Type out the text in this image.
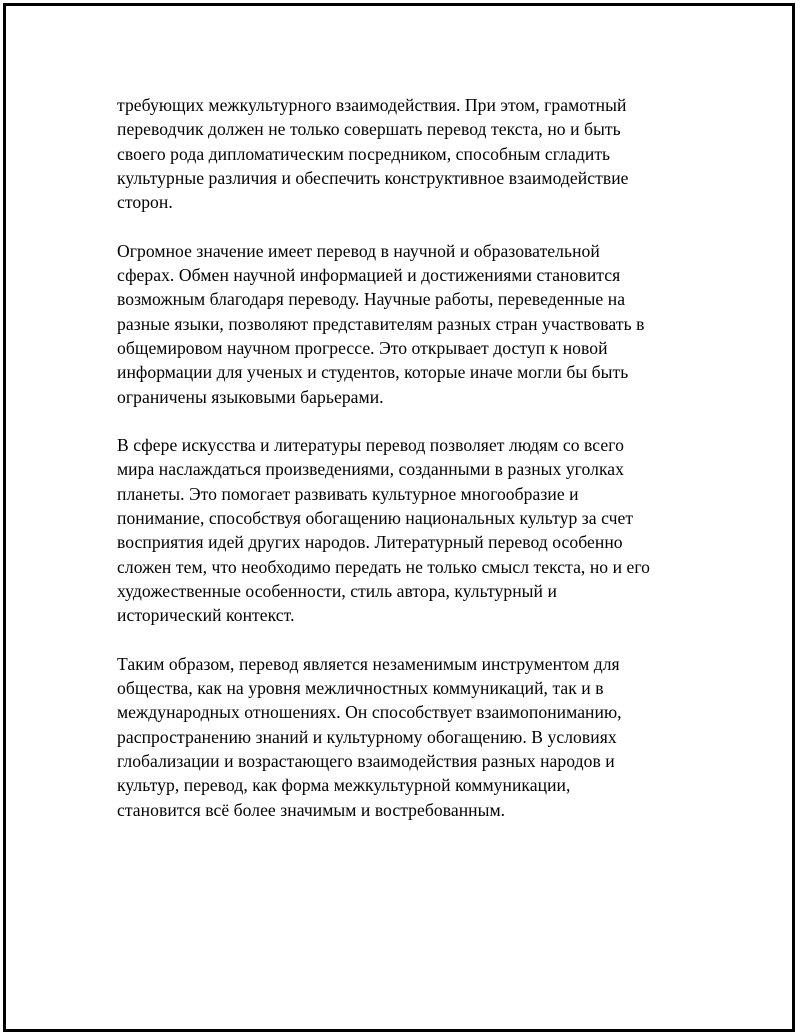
требующих межкультурного взаимодействия. При этом, грамотный
переводчик должен не только совершать перевод текста, но и быть
своего рода дипломатическим посредником, способным сгладить
культурные различия и обеспечить конструктивное взаимодействие
сторон.

Огромное значение имеет перевод в научной и образовательной
сферах. Обмен научной информацией и достижениями становится
возможным благодаря переводу. Научные работы, переведенные на
разные языки, позволяют представителям разных стран участвовать в
общемировом научном прогрессе. Это открывает доступ к новой
информации для ученых и студентов, которые иначе могли бы быть
ограничены языковыми барьерами.

В сфере искусства и литературы перевод позволяет людям со всего
мира наслаждаться произведениями, созданными в разных уголках
планеты. Это помогает развивать культурное многообразие и
понимание, способствуя обогащению национальных культур за счет
восприятия идей других народов. Литературный перевод особенно
сложен тем, что необходимо передать не только смысл текста, но и его
художественные особенности, стиль автора, культурный и
исторический контекст.

Таким образом, перевод является незаменимым инструментом для
общества, как на уровня межличностных коммуникаций, так и в
международных отношениях. Он способствует взаимопониманию,
распространению знаний и культурному обогащению. В условиях
глобализации и возрастающего взаимодействия разных народов и
культур, перевод, как форма межкультурной коммуникации,
становится всё более значимым и востребованным.
